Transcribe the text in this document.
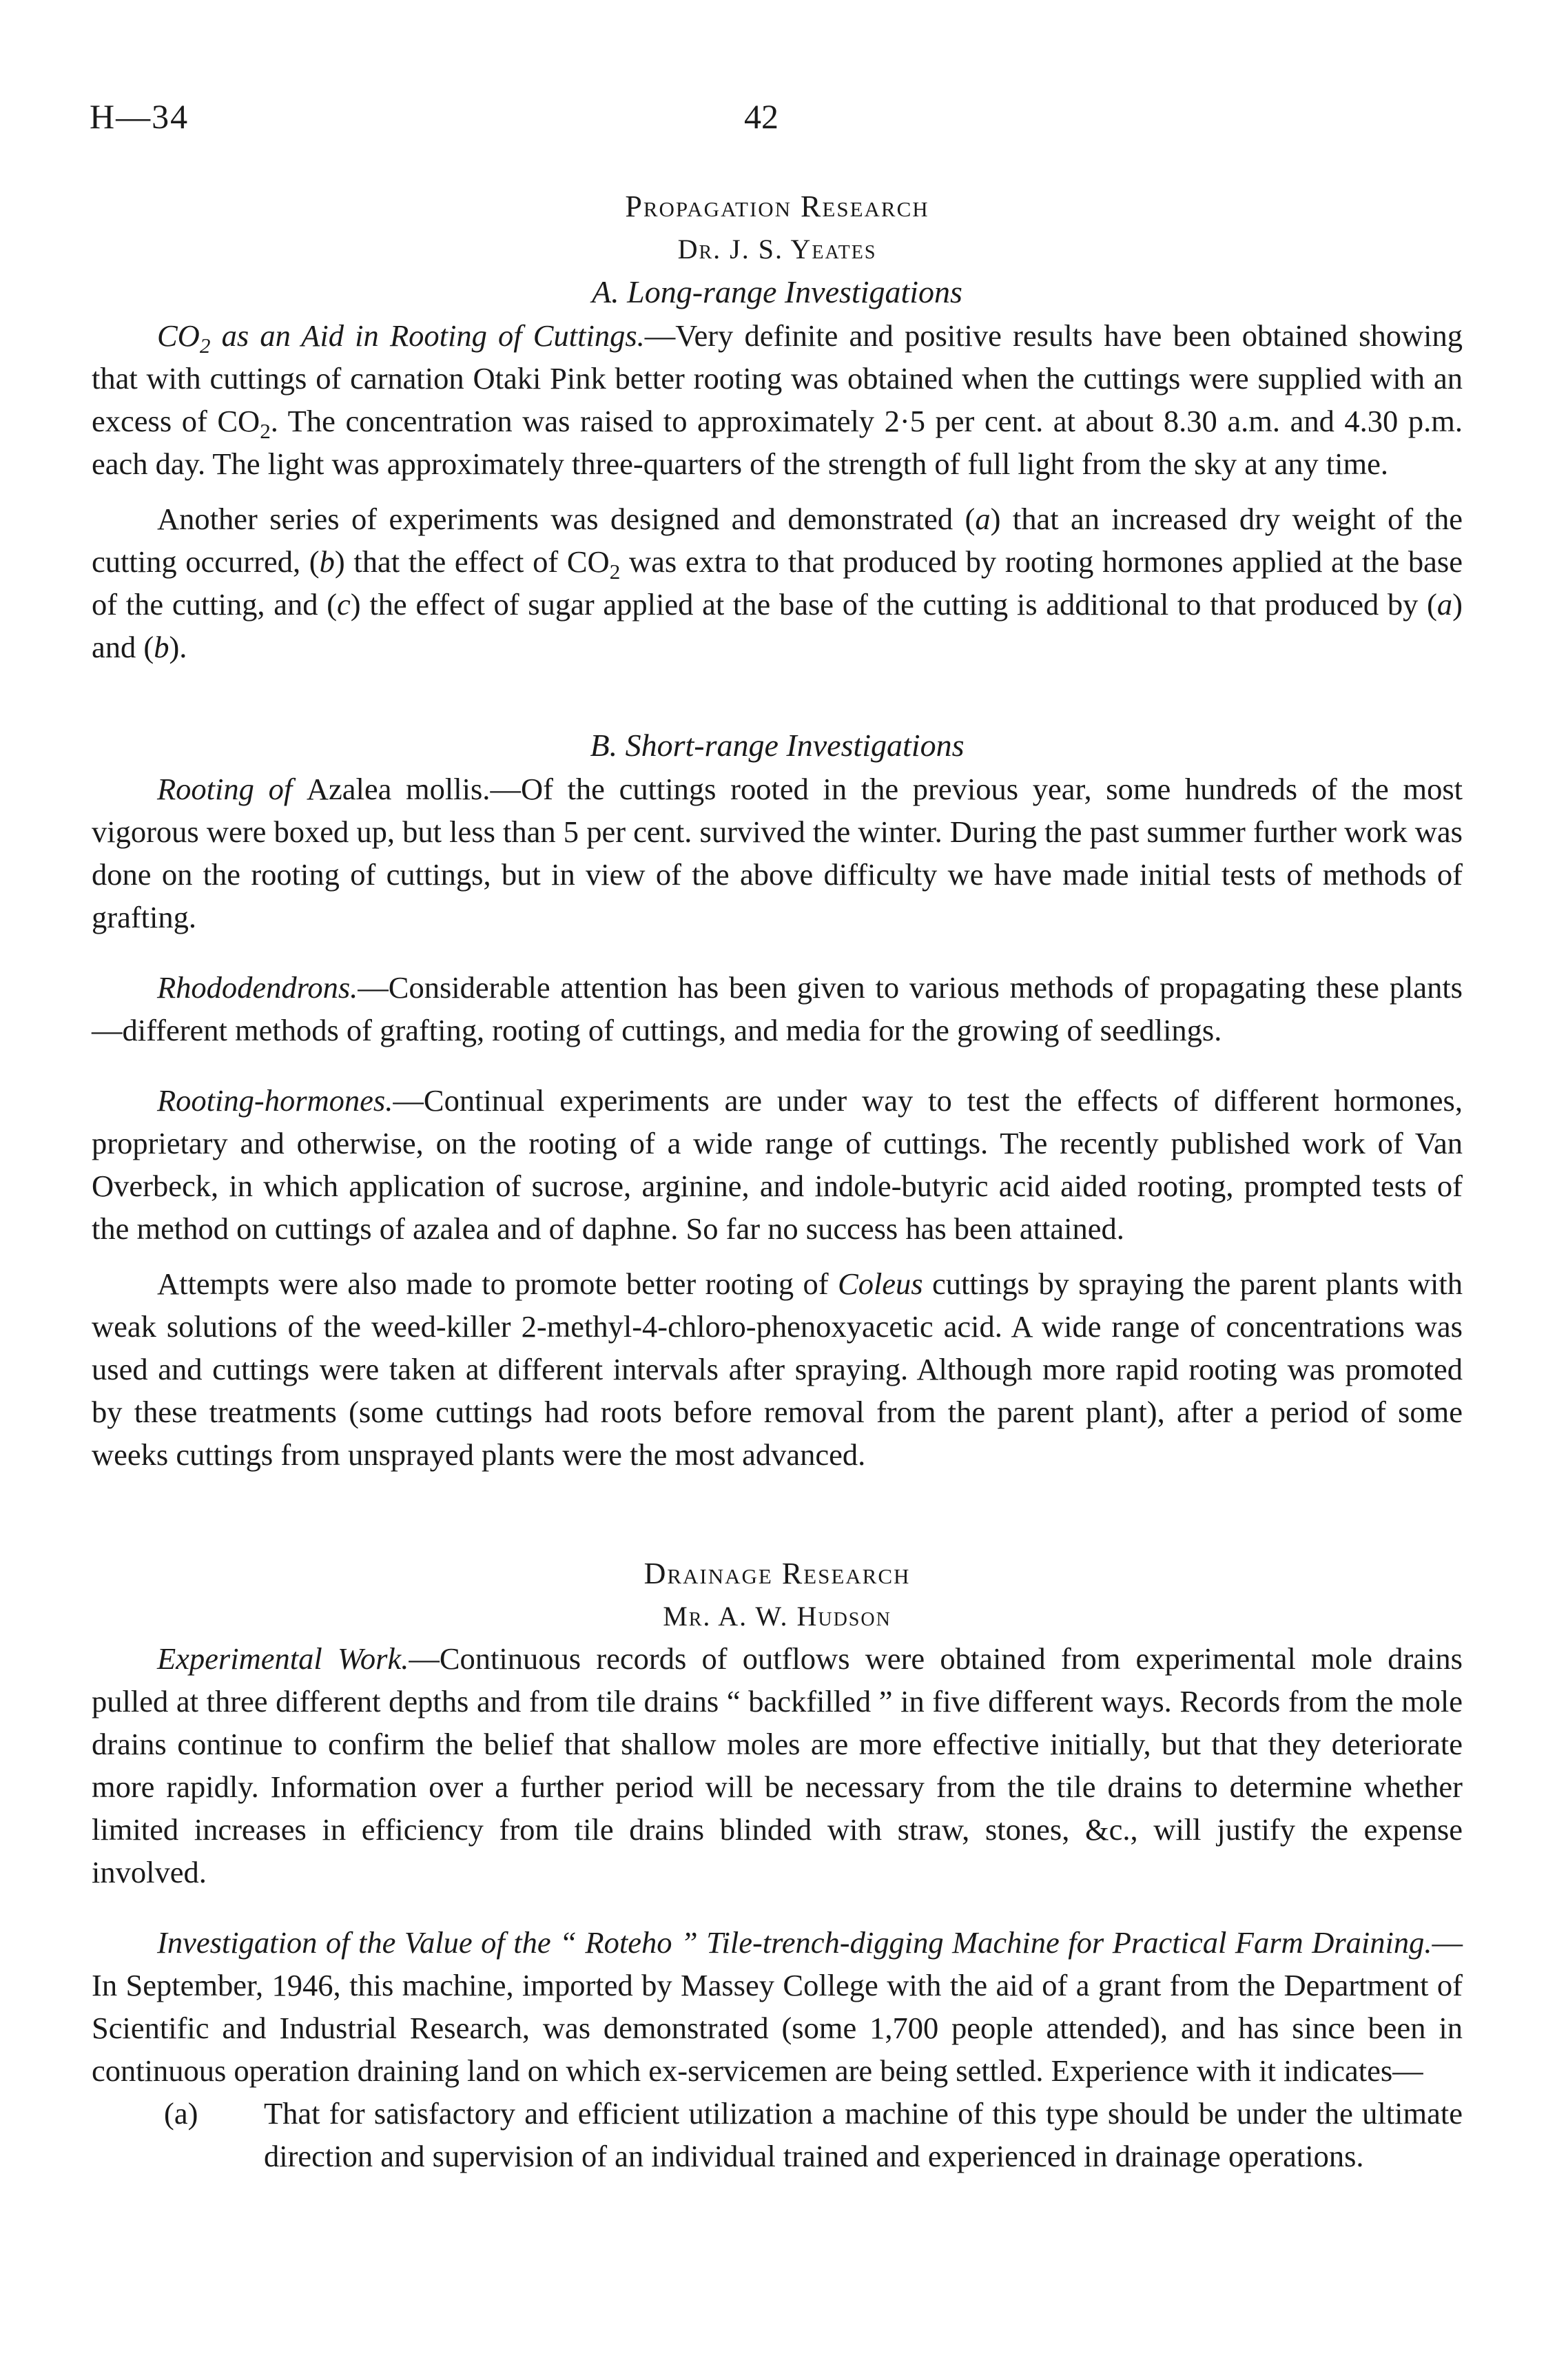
H—34	42
Propagation Research
Dr. J. S. Yeates
A. Long-range Investigations

$CO_2$ as an Aid in Rooting of Cuttings.—Very definite and positive results have been obtained showing that with cuttings of carnation Otaki Pink better rooting was obtained when the cuttings were supplied with an excess of $CO_2$. The concentration was raised to approximately 2·5 per cent. at about 8.30 a.m. and 4.30 p.m. each day. The light was approximately three-quarters of the strength of full light from the sky at any time.

Another series of experiments was designed and demonstrated (a) that an increased dry weight of the cutting occurred, (b) that the effect of $CO_2$ was extra to that produced by rooting hormones applied at the base of the cutting, and (c) the effect of sugar applied at the base of the cutting is additional to that produced by (a) and (b).

B. Short-range Investigations

Rooting of Azalea mollis.—Of the cuttings rooted in the previous year, some hundreds of the most vigorous were boxed up, but less than 5 per cent. survived the winter. During the past summer further work was done on the rooting of cuttings, but in view of the above difficulty we have made initial tests of methods of grafting.

Rhododendrons.—Considerable attention has been given to various methods of propagating these plants—different methods of grafting, rooting of cuttings, and media for the growing of seedlings.

Rooting-hormones.—Continual experiments are under way to test the effects of different hormones, proprietary and otherwise, on the rooting of a wide range of cuttings. The recently published work of Van Overbeck, in which application of sucrose, arginine, and indole-butyric acid aided rooting, prompted tests of the method on cuttings of azalea and of daphne. So far no success has been attained.

Attempts were also made to promote better rooting of Coleus cuttings by spraying the parent plants with weak solutions of the weed-killer 2-methyl-4-chloro-phenoxyacetic acid. A wide range of concentrations was used and cuttings were taken at different intervals after spraying. Although more rapid rooting was promoted by these treatments (some cuttings had roots before removal from the parent plant), after a period of some weeks cuttings from unsprayed plants were the most advanced.

Drainage Research
Mr. A. W. Hudson

Experimental Work.—Continuous records of outflows were obtained from experimental mole drains pulled at three different depths and from tile drains “ backfilled ” in five different ways. Records from the mole drains continue to confirm the belief that shallow moles are more effective initially, but that they deteriorate more rapidly. Information over a further period will be necessary from the tile drains to determine whether limited increases in efficiency from tile drains blinded with straw, stones, &c., will justify the expense involved.

Investigation of the Value of the “ Roteho ” Tile-trench-digging Machine for Practical Farm Draining.—In September, 1946, this machine, imported by Massey College with the aid of a grant from the Department of Scientific and Industrial Research, was demonstrated (some 1,700 people attended), and has since been in continuous operation draining land on which ex-servicemen are being settled. Experience with it indicates—

(a) That for satisfactory and efficient utilization a machine of this type should be under the ultimate direction and supervision of an individual trained and experienced in drainage operations.
